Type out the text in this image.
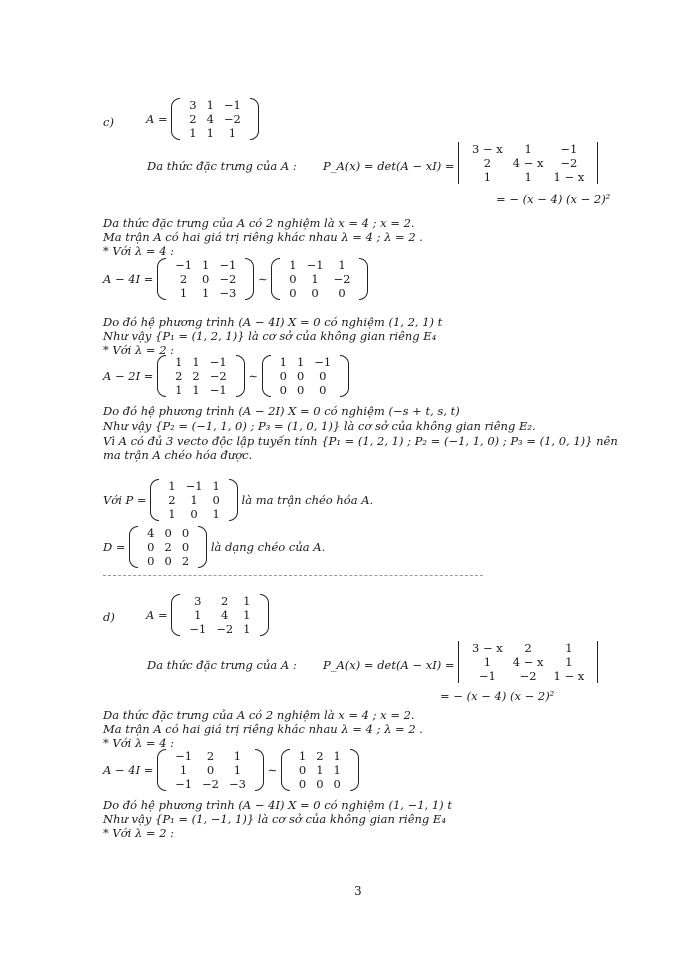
c)	A =
3	1	−1
2	4	−2
1	1	1
Da thức đặc trưng của A : P_A(x) = det(A − xI) =
3 − x	1	−1
2	4 − x	−2
1	1	1 − x
= − (x − 4) (x − 2)²
Da thức đặc trưng của A có 2 nghiệm là x = 4 ; x = 2.
Ma trận A có hai giá trị riêng khác nhau λ = 4 ; λ = 2 .
* Với λ = 4 :
A − 4I =
−1	1	−1
2	0	−2
1	1	−3
∼
1	−1	1
0	1	−2
0	0	0
Do đó hệ phương trình (A − 4I) X = 0 có nghiệm (1, 2, 1) t
Như vậy {P₁ = (1, 2, 1)} là cơ sở của không gian riêng E₄
* Với λ = 2 :
A − 2I =
1	1	−1
2	2	−2
1	1	−1
∼
1	1	−1
0	0	0
0	0	0
Do đó hệ phương trình (A − 2I) X = 0 có nghiệm (−s + t, s, t)
Như vậy {P₂ = (−1, 1, 0) ; P₃ = (1, 0, 1)} là cơ sở của không gian riêng E₂.
Vì A có đủ 3 vecto độc lập tuyến tính {P₁ = (1, 2, 1) ; P₂ = (−1, 1, 0) ; P₃ = (1, 0, 1)} nên
ma trận A chéo hóa được.
Với P =
1	−1	1
2	1	0
1	0	1
là ma trận chéo hóa A.
D =
4	0	0
0	2	0
0	0	2
là dạng chéo của A.
d)	A =
3	2	1
1	4	1
−1	−2	1
Da thức đặc trưng của A : P_A(x) = det(A − xI) =
3 − x	2	1
1	4 − x	1
−1	−2	1 − x
= − (x − 4) (x − 2)²
Da thức đặc trưng của A có 2 nghiệm là x = 4 ; x = 2.
Ma trận A có hai giá trị riêng khác nhau λ = 4 ; λ = 2 .
* Với λ = 4 :
A − 4I =
−1	2	1
1	0	1
−1	−2	−3
∼
1	2	1
0	1	1
0	0	0
Do đó hệ phương trình (A − 4I) X = 0 có nghiệm (1, −1, 1) t
Như vậy {P₁ = (1, −1, 1)} là cơ sở của không gian riêng E₄
* Với λ = 2 :
3
